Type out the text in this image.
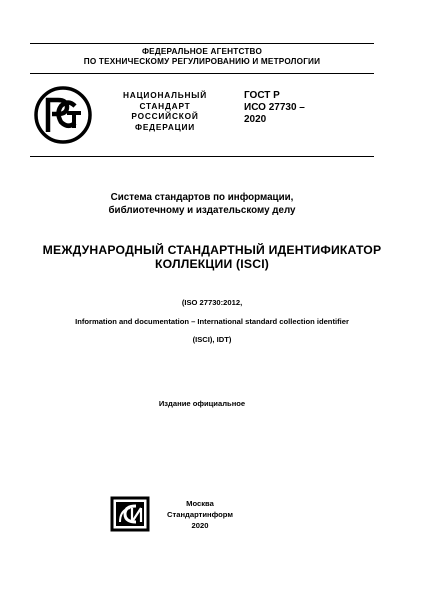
ФЕДЕРАЛЬНОЕ АГЕНТСТВО
ПО ТЕХНИЧЕСКОМУ РЕГУЛИРОВАНИЮ И МЕТРОЛОГИИ
НАЦИОНАЛЬНЫЙ
СТАНДАРТ
РОССИЙСКОЙ
ФЕДЕРАЦИИ
ГОСТ Р
ИСО 27730 –
2020
Система стандартов по информации,
библиотечному и издательскому делу
МЕЖДУНАРОДНЫЙ СТАНДАРТНЫЙ ИДЕНТИФИКАТОР
КОЛЛЕКЦИИ (ISCI)
(ISO 27730:2012,
Information and documentation – International standard collection identifier
(ISCI), IDT)
Издание официальное
Москва
Стандартинформ
2020
